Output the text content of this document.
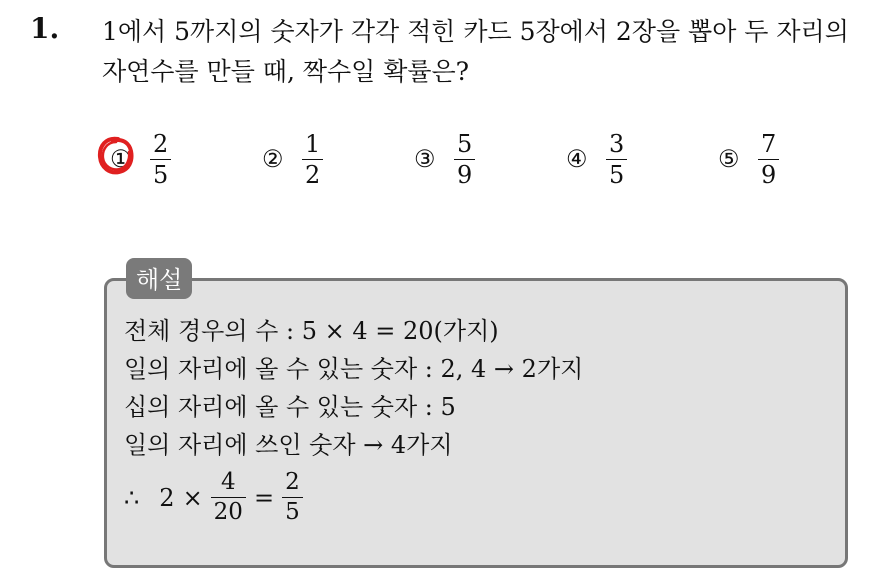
1. 1에서 5까지의 숫자가 각각 적힌 카드 5장에서 2장을 뽑아 두 자리의
자연수를 만들 때, 짝수일 확률은?
① $\frac{2}{5}$	② $\frac{1}{2}$	③ $\frac{5}{9}$	④ $\frac{3}{5}$	⑤ $\frac{7}{9}$
해설
전체 경우의 수 : 5 × 4 = 20(가지)
일의 자리에 올 수 있는 숫자 : 2, 4 → 2가지
십의 자리에 올 수 있는 숫자 : 5
일의 자리에 쓰인 숫자 → 4가지
∴ $2 \times \frac{4}{20} = \frac{2}{5}$
